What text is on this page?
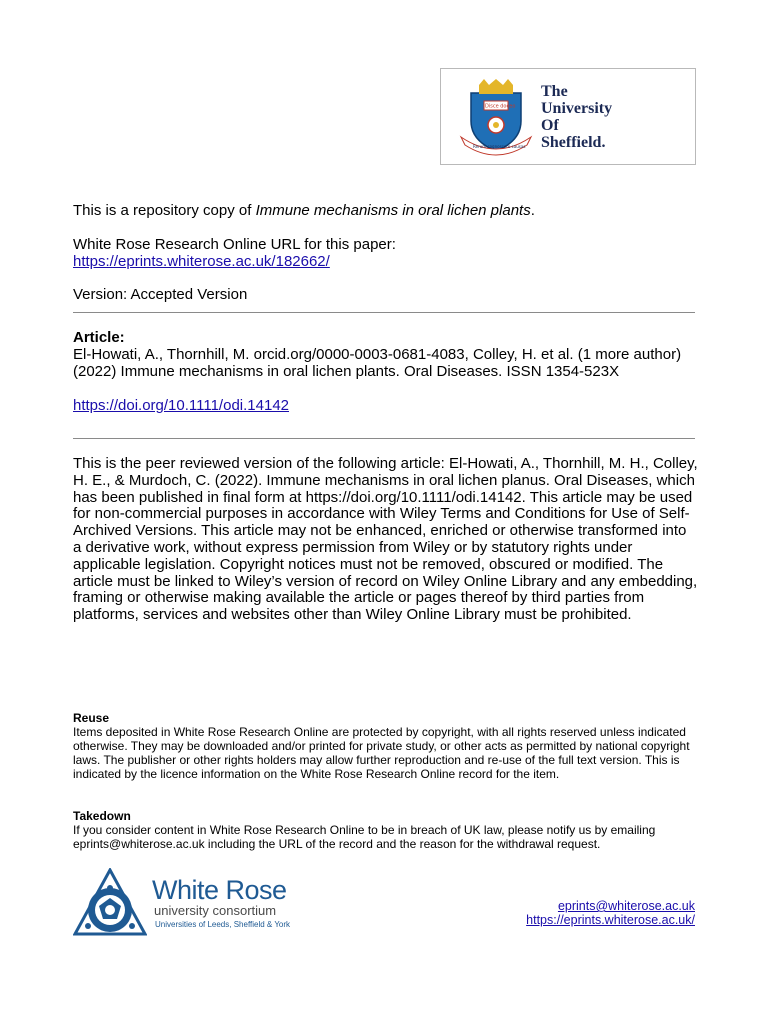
Disce doceo
Rerum cognoscere causas
The
University
Of
Sheffield.
This is a repository copy of Immune mechanisms in oral lichen plants.
White Rose Research Online URL for this paper:
https://eprints.whiterose.ac.uk/182662/
Version: Accepted Version
Article:
El-Howati, A., Thornhill, M. orcid.org/0000-0003-0681-4083, Colley, H. et al. (1 more author) (2022) Immune mechanisms in oral lichen plants. Oral Diseases. ISSN 1354-523X
https://doi.org/10.1111/odi.14142
This is the peer reviewed version of the following article: El-Howati, A., Thornhill, M. H., Colley, H. E., & Murdoch, C. (2022). Immune mechanisms in oral lichen planus. Oral Diseases, which has been published in final form at https://doi.org/10.1111/odi.14142. This article may be used for non-commercial purposes in accordance with Wiley Terms and Conditions for Use of Self-Archived Versions. This article may not be enhanced, enriched or otherwise transformed into a derivative work, without express permission from Wiley or by statutory rights under applicable legislation. Copyright notices must not be removed, obscured or modified. The article must be linked to Wiley’s version of record on Wiley Online Library and any embedding, framing or otherwise making available the article or pages thereof by third parties from platforms, services and websites other than Wiley Online Library must be prohibited.
Reuse
Items deposited in White Rose Research Online are protected by copyright, with all rights reserved unless indicated otherwise. They may be downloaded and/or printed for private study, or other acts as permitted by national copyright laws. The publisher or other rights holders may allow further reproduction and re-use of the full text version. This is indicated by the licence information on the White Rose Research Online record for the item.
Takedown
If you consider content in White Rose Research Online to be in breach of UK law, please notify us by emailing eprints@whiterose.ac.uk including the URL of the record and the reason for the withdrawal request.
White Rose
university consortium
Universities of Leeds, Sheffield & York
eprints@whiterose.ac.uk
https://eprints.whiterose.ac.uk/
